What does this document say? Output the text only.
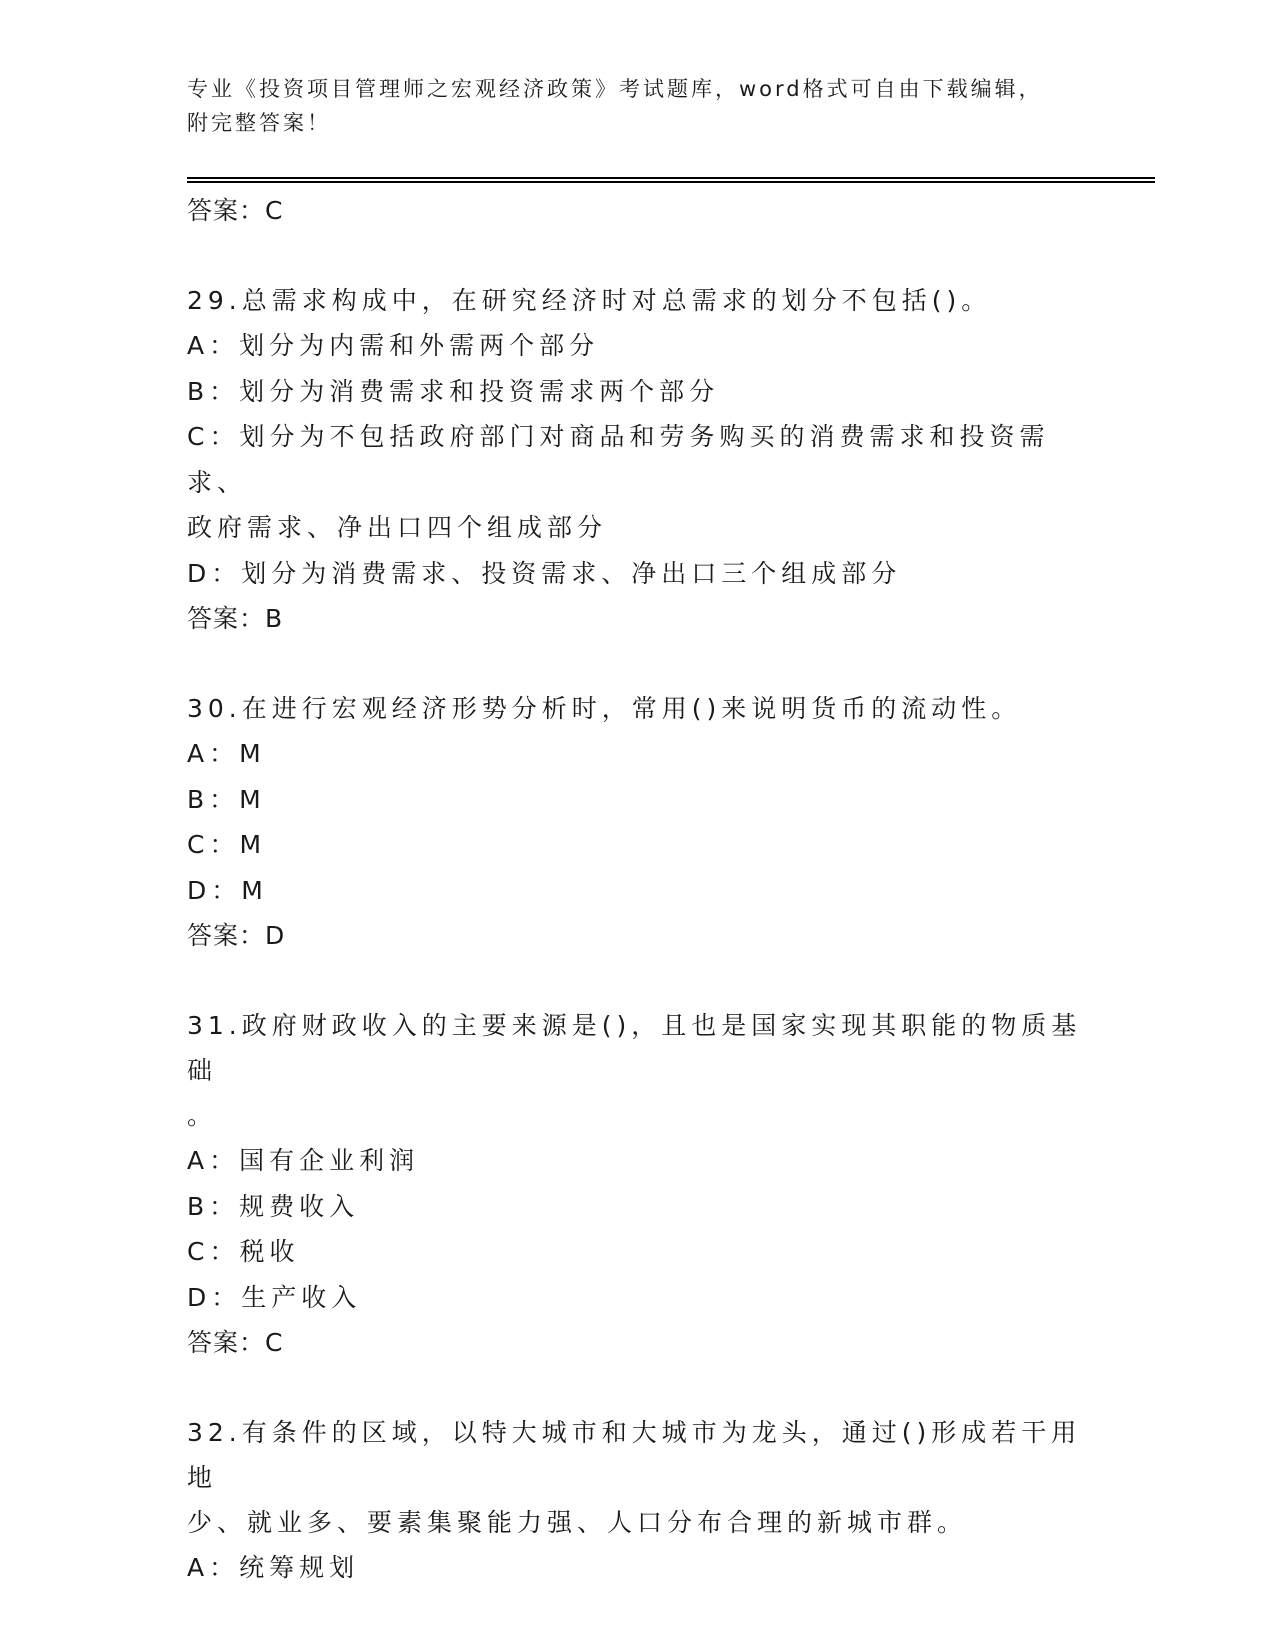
专业《投资项目管理师之宏观经济政策》考试题库，word格式可自由下载编辑，
附完整答案！
答案：C
29.总需求构成中，在研究经济时对总需求的划分不包括()。
A：划分为内需和外需两个部分
B：划分为消费需求和投资需求两个部分
C：划分为不包括政府部门对商品和劳务购买的消费需求和投资需求、
政府需求、净出口四个组成部分
D：划分为消费需求、投资需求、净出口三个组成部分
答案：B
30.在进行宏观经济形势分析时，常用()来说明货币的流动性。
A：M
B：M
C：M
D：M
答案：D
31.政府财政收入的主要来源是()，且也是国家实现其职能的物质基础
。
A：国有企业利润
B：规费收入
C：税收
D：生产收入
答案：C
32.有条件的区域，以特大城市和大城市为龙头，通过()形成若干用地
少、就业多、要素集聚能力强、人口分布合理的新城市群。
A：统筹规划
